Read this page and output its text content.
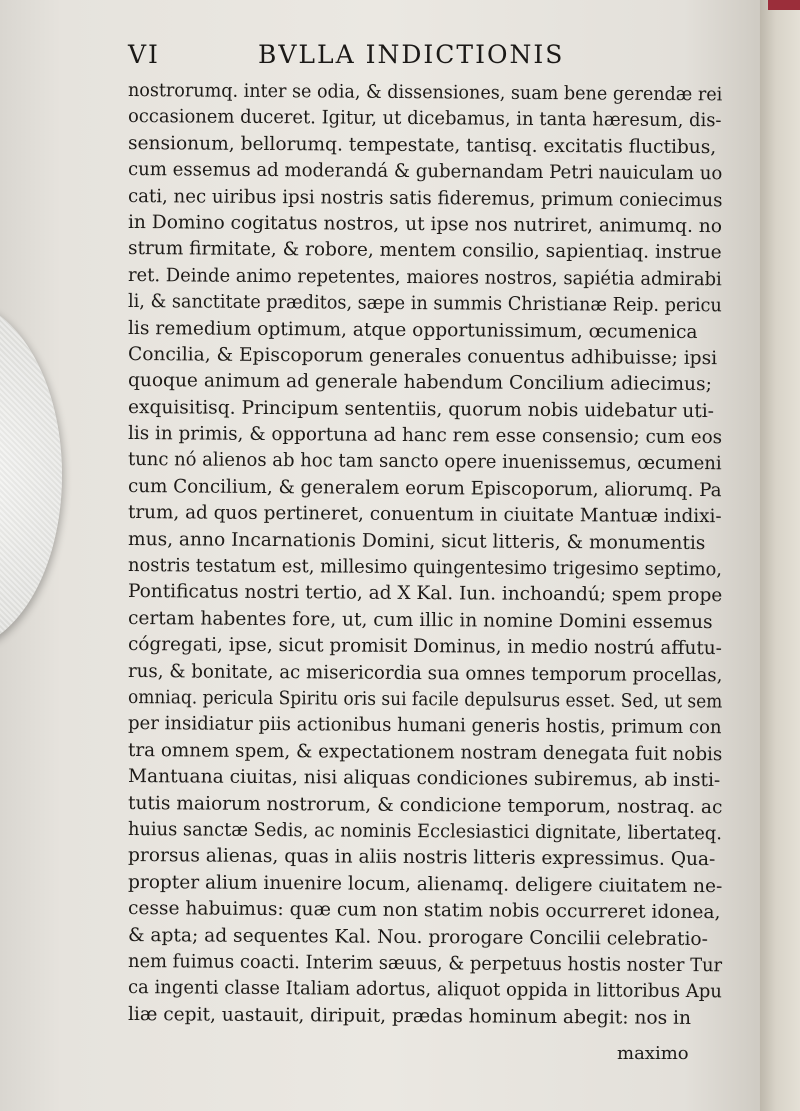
VI	BVLLA INDICTIONIS
nostrorumq. inter se odia, & dissensiones, suam bene gerendæ rei
occasionem duceret. Igitur, ut dicebamus, in tanta hæresum, dis-
sensionum, bellorumq. tempestate, tantisq. excitatis fluctibus,
cum essemus ad moderandá & gubernandam Petri nauiculam uo
cati, nec uiribus ipsi nostris satis fideremus, primum coniecimus
in Domino cogitatus nostros, ut ipse nos nutriret, animumq. no
strum firmitate, & robore, mentem consilio, sapientiaq. instrue
ret. Deinde animo repetentes, maiores nostros, sapiétia admirabi
li, & sanctitate præditos, sæpe in summis Christianæ Reip. pericu
lis remedium optimum, atque opportunissimum, œcumenica
Concilia, & Episcoporum generales conuentus adhibuisse; ipsi
quoque animum ad generale habendum Concilium adiecimus;
exquisitisq. Principum sententiis, quorum nobis uidebatur uti-
lis in primis, & opportuna ad hanc rem esse consensio; cum eos
tunc nó alienos ab hoc tam sancto opere inuenissemus, œcumeni
cum Concilium, & generalem eorum Episcoporum, aliorumq. Pa
trum, ad quos pertineret, conuentum in ciuitate Mantuæ indixi-
mus, anno Incarnationis Domini, sicut litteris, & monumentis
nostris testatum est, millesimo quingentesimo trigesimo septimo,
Pontificatus nostri tertio, ad X Kal. Iun. inchoandú; spem prope
certam habentes fore, ut, cum illic in nomine Domini essemus
cógregati, ipse, sicut promisit Dominus, in medio nostrú affutu-
rus, & bonitate, ac misericordia sua omnes temporum procellas,
omniaq. pericula Spiritu oris sui facile depulsurus esset. Sed, ut sem
per insidiatur piis actionibus humani generis hostis, primum con
tra omnem spem, & expectationem nostram denegata fuit nobis
Mantuana ciuitas, nisi aliquas condiciones subiremus, ab insti-
tutis maiorum nostrorum, & condicione temporum, nostraq. ac
huius sanctæ Sedis, ac nominis Ecclesiastici dignitate, libertateq.
prorsus alienas, quas in aliis nostris litteris expressimus. Qua-
propter alium inuenire locum, alienamq. deligere ciuitatem ne-
cesse habuimus: quæ cum non statim nobis occurreret idonea,
& apta; ad sequentes Kal. Nou. prorogare Concilii celebratio-
nem fuimus coacti. Interim sæuus, & perpetuus hostis noster Tur
ca ingenti classe Italiam adortus, aliquot oppida in littoribus Apu
liæ cepit, uastauit, diripuit, prædas hominum abegit: nos in
maximo
